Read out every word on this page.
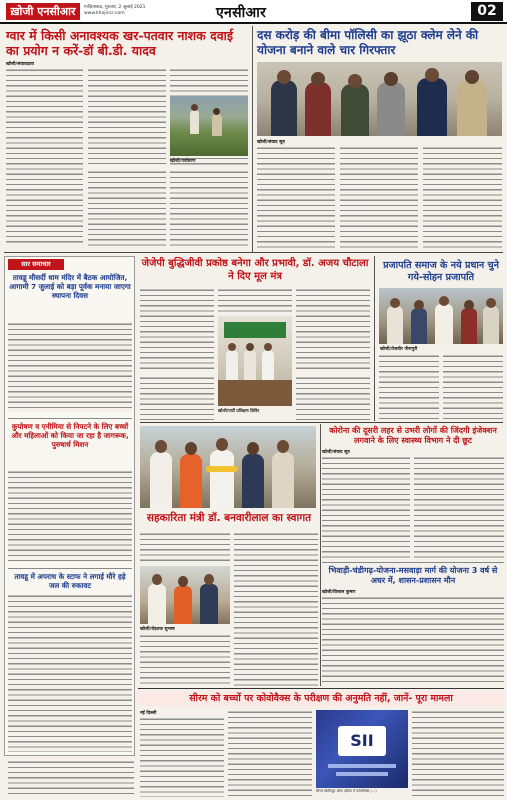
ख़ोजी एनसीआर	गाज़ियाबाद, गुरुवार, 2 जुलाई 2021
www.khojincr.com	एनसीआर	02
ग्वार में किसी अनावश्यक खर-पतवार नाशक दवाई का प्रयोग न करें-डॉ बी.डी. यादव
खोजी/संवाददाता
खोजी/पर्यावरण
दस करोड़ की बीमा पॉलिसी का झूठा क्लेम लेने की योजना बनाने वाले चार गिरफ्तार
खोजी/संवाद सूत्र
सार समाचार
तावडू मौसर्दी धाम मंदिर में बैठक आयोजित, आगामी 7 जुलाई को बड़ा पूर्वक मनाया जाएगा स्थापना दिवस
कुपोषण व एनीमिया से निपटने के लिए बच्चों और महिलाओं को किया जा रहा है जागरूक, पुरुषार्थ मिशन
तावडू में अपराध के स्टाफ ने लगाई मौरे हड़े जल की रुकावट
जेजेपी बुद्धिजीवी प्रकोष्ठ बनेगा और प्रभावी, डॉ. अजय चौटाला ने दिए मूल मंत्र
खोजी/पार्टी प्रशिक्षण शिविर
प्रजापति समाज के नये प्रधान चुने गये-सोहन प्रजापति
खोजी/तेजवीर जैनापुरी
कोरोना की दूसरी लहर से उभरी लोगों की जिंदगी इंजेक्शन लगवाने के लिए स्वास्थ्य विभाग ने दी छूट
खोजी/संवाद सूत्र
सहकारिता मंत्री डॉ. बनवारीलाल का स्वागत
खोजी/रोहतक सुभाष
भिवाड़ी-चंडीगढ़-योजना-मसवाड़ा मार्ग की योजना 3 वर्ष से अधर में, शासन-प्रशासन मौन
खोजी/विशाल कुमार
सीरम को बच्चों पर कोवोवैक्स के परीक्षण की अनुमति नहीं, जानें- पूरा मामला
नई दिल्ली
SII
सीरम इंस्टीट्यूट ऑफ इंडिया में कोवोवैक्स (...)
